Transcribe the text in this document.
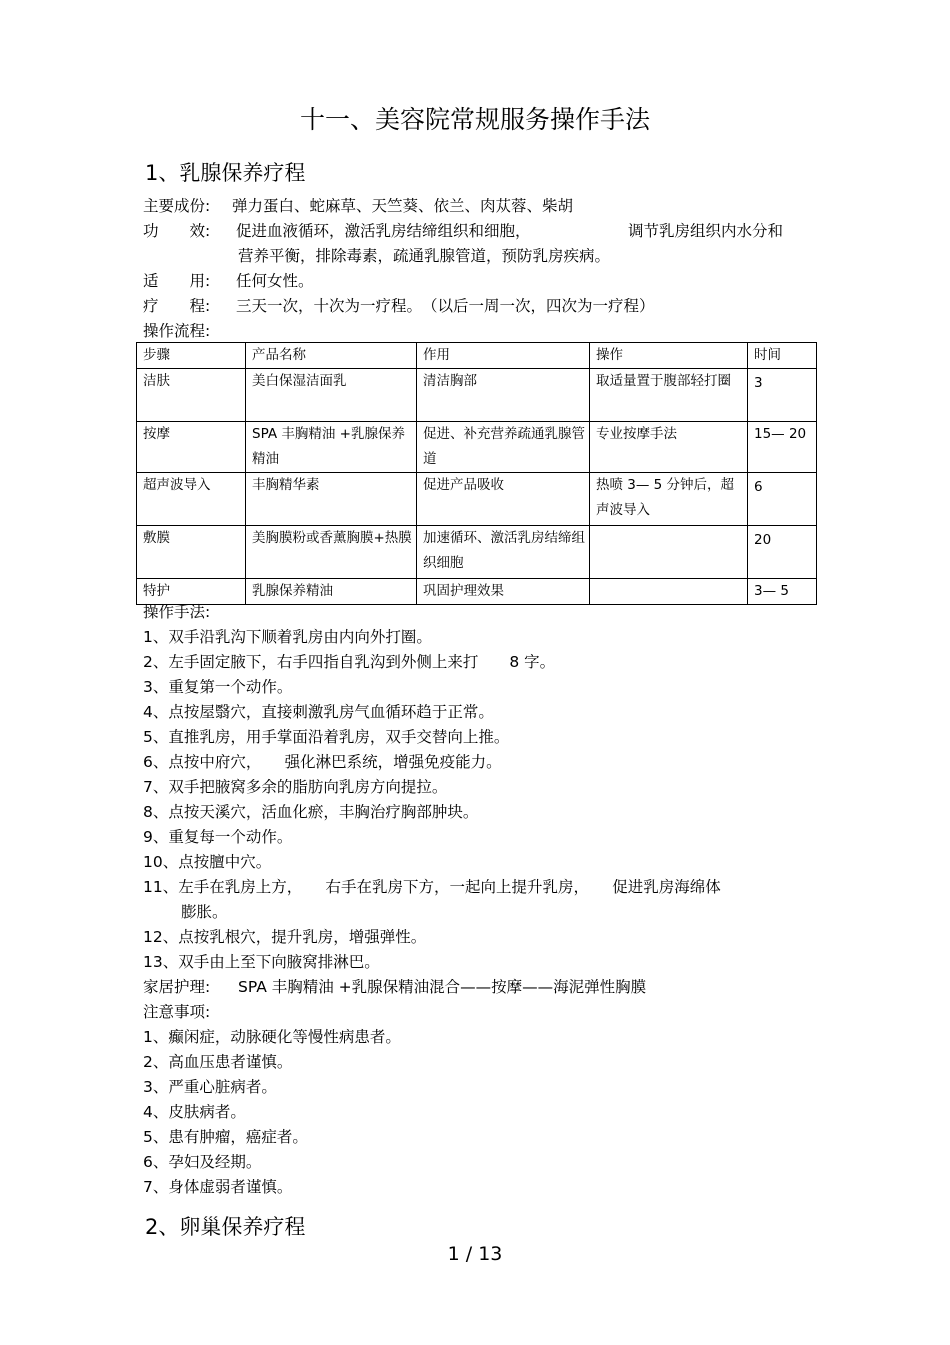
十一、美容院常规服务操作手法
1、乳腺保养疗程
主要成份: 弹力蛋白、蛇麻草、天竺葵、依兰、肉苁蓉、柴胡
功　　效: 促进血液循环，激活乳房结缔组织和细胞，	调节乳房组织内水分和
营养平衡，排除毒素，疏通乳腺管道，预防乳房疾病。
适　　用: 任何女性。
疗　　程: 三天一次，十次为一疗程。　（以后一周一次，四次为一疗程）
操作流程:
步骤	产品名称	作用	操作	时间
洁肤	美白保湿洁面乳	清洁胸部	取适量置于腹部轻打圈	3
按摩	SPA 丰胸精油 +乳腺保养精油	促进、补充营养疏通乳腺管道	专业按摩手法	15— 20
超声波导入	丰胸精华素	促进产品吸收	热喷 3— 5 分钟后，超声波导入	6
敷膜	美胸膜粉或香薰胸膜+热膜	加速循环、激活乳房结缔组织细胞		20
特护	乳腺保养精油	巩固护理效果		3— 5
操作手法:
1、双手沿乳沟下顺着乳房由内向外打圈。
2、左手固定腋下，右手四指自乳沟到外侧上来打　　8 字。
3、重复第一个动作。
4、点按屋翳穴，直接刺激乳房气血循环趋于正常。
5、直推乳房，用手掌面沿着乳房，双手交替向上推。
6、点按中府穴，　　强化淋巴系统，增强免疫能力。
7、双手把腋窝多余的脂肪向乳房方向提拉。
8、点按天溪穴，活血化瘀，丰胸治疗胸部肿块。
9、重复每一个动作。
10、点按膻中穴。
11、左手在乳房上方，　　右手在乳房下方，一起向上提升乳房，　　促进乳房海绵体
膨胀。
12、点按乳根穴，提升乳房，增强弹性。
13、双手由上至下向腋窝排淋巴。
家居护理: SPA 丰胸精油 +乳腺保精油混合——按摩——海泥弹性胸膜
注意事项:
1、癫闲症，动脉硬化等慢性病患者。
2、高血压患者谨慎。
3、严重心脏病者。
4、皮肤病者。
5、患有肿瘤，癌症者。
6、孕妇及经期。
7、身体虚弱者谨慎。
2、卵巢保养疗程
1 / 13
